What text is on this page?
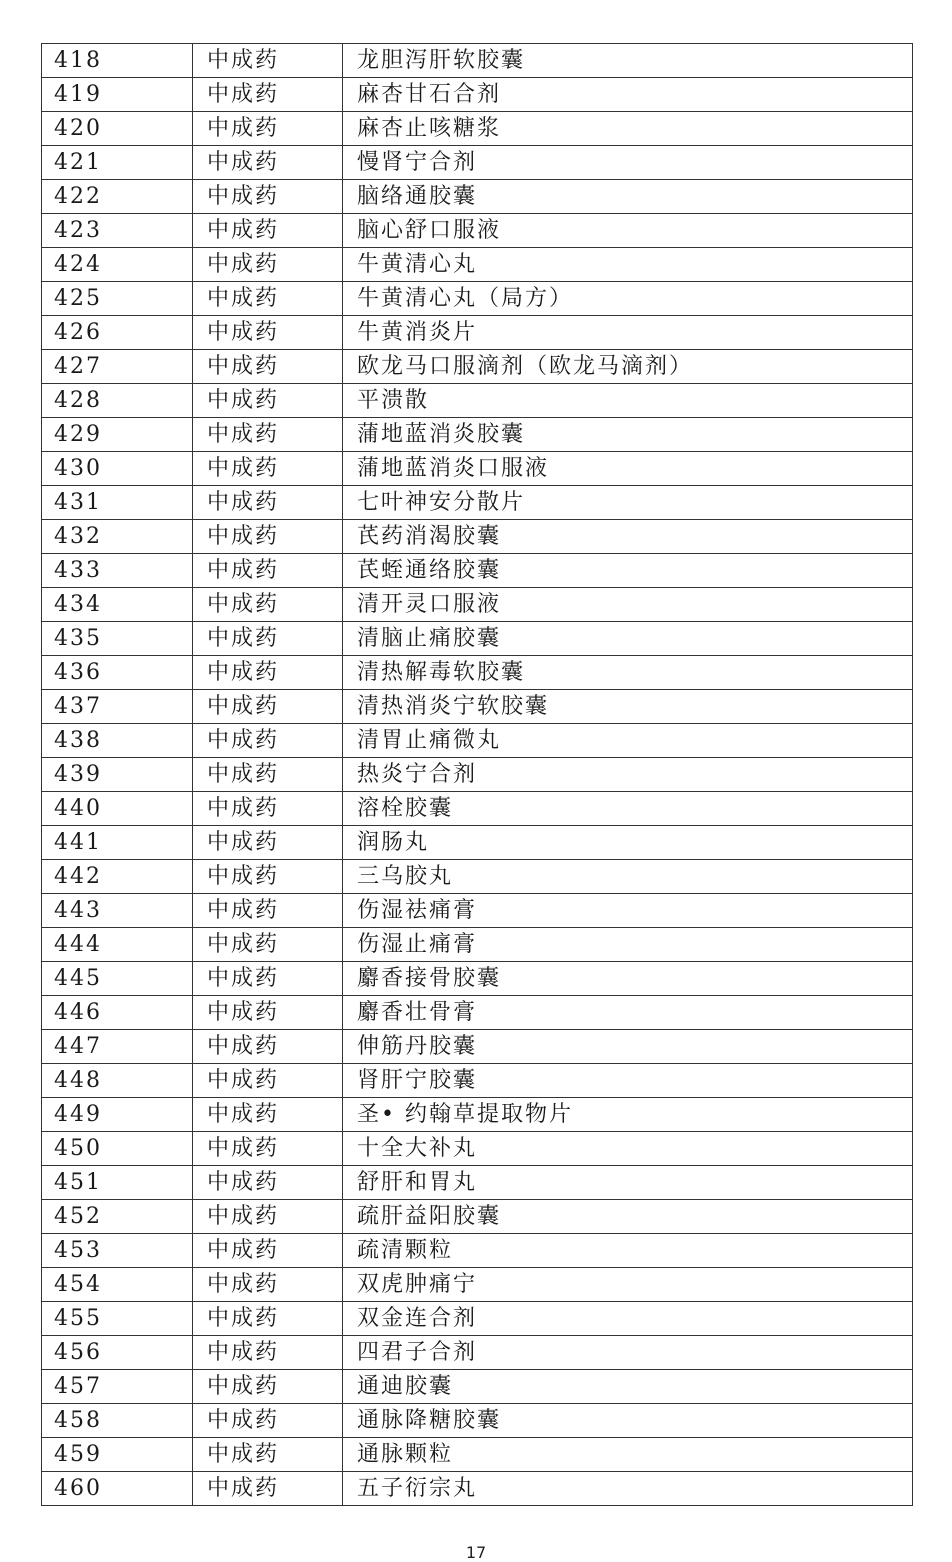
418	中成药	龙胆泻肝软胶囊
419	中成药	麻杏甘石合剂
420	中成药	麻杏止咳糖浆
421	中成药	慢肾宁合剂
422	中成药	脑络通胶囊
423	中成药	脑心舒口服液
424	中成药	牛黄清心丸
425	中成药	牛黄清心丸（局方）
426	中成药	牛黄消炎片
427	中成药	欧龙马口服滴剂（欧龙马滴剂）
428	中成药	平溃散
429	中成药	蒲地蓝消炎胶囊
430	中成药	蒲地蓝消炎口服液
431	中成药	七叶神安分散片
432	中成药	芪药消渴胶囊
433	中成药	芪蛭通络胶囊
434	中成药	清开灵口服液
435	中成药	清脑止痛胶囊
436	中成药	清热解毒软胶囊
437	中成药	清热消炎宁软胶囊
438	中成药	清胃止痛微丸
439	中成药	热炎宁合剂
440	中成药	溶栓胶囊
441	中成药	润肠丸
442	中成药	三乌胶丸
443	中成药	伤湿祛痛膏
444	中成药	伤湿止痛膏
445	中成药	麝香接骨胶囊
446	中成药	麝香壮骨膏
447	中成药	伸筋丹胶囊
448	中成药	肾肝宁胶囊
449	中成药	圣• 约翰草提取物片
450	中成药	十全大补丸
451	中成药	舒肝和胃丸
452	中成药	疏肝益阳胶囊
453	中成药	疏清颗粒
454	中成药	双虎肿痛宁
455	中成药	双金连合剂
456	中成药	四君子合剂
457	中成药	通迪胶囊
458	中成药	通脉降糖胶囊
459	中成药	通脉颗粒
460	中成药	五子衍宗丸
17
